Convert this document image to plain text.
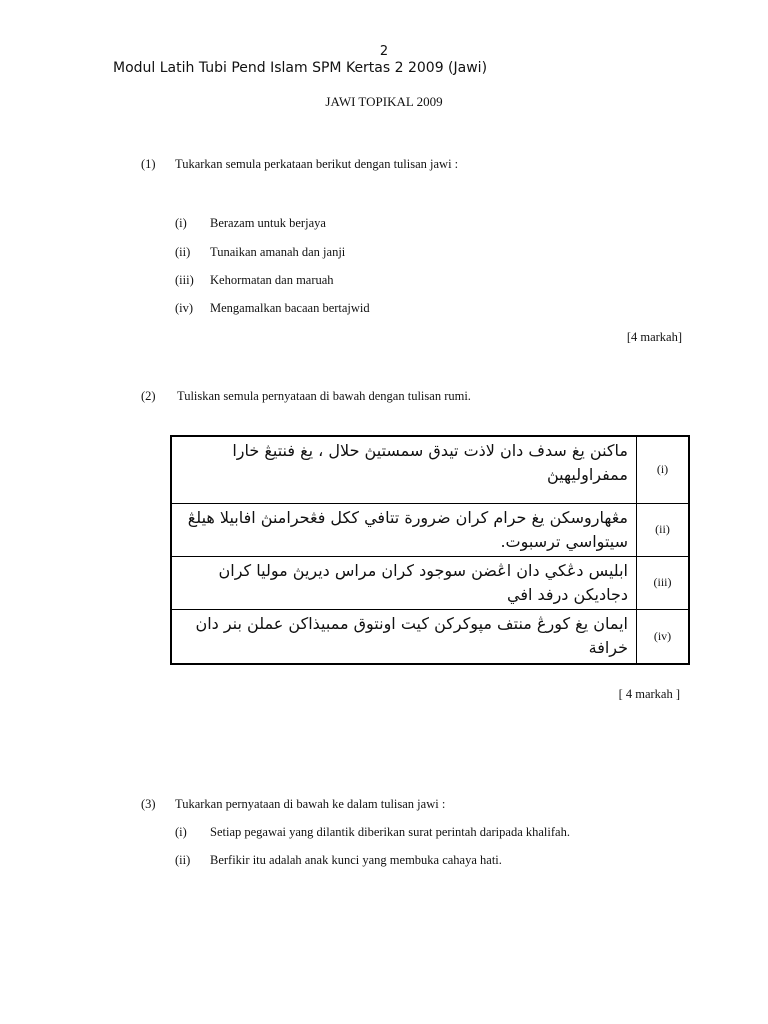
2
Modul Latih Tubi Pend Islam SPM Kertas 2 2009 (Jawi)
JAWI TOPIKAL 2009
(1) Tukarkan semula perkataan berikut dengan tulisan jawi :
(i) Berazam untuk berjaya
(ii) Tunaikan amanah dan janji
(iii) Kehormatan dan maruah
(iv) Mengamalkan bacaan bertajwid
[4 markah]
(2) Tuliskan semula pernyataan di bawah dengan tulisan rumi.
ماكنن يغ سدف دان لاذت تيدق سمستيڽ حلال ، يغ فنتيڠ خارا ممفراوليهيڽ	(i)
مڠهاروسكن يغ حرام كران ضرورة تتافي ككل فڠحرامنڽ افابيلا هيلڠ سيتواسي ترسبوت.	(ii)
ابليس دڠكي دان اڠضن سوجود كران مراس ديريڽ موليا كران دجاديكن درفد افي	(iii)
ايمان يغ كورڠ منتف مڽوكركن كيت اونتوق ممبيذاكن عملن بنر دان خرافة	(iv)
[ 4 markah ]
(3) Tukarkan pernyataan di bawah ke dalam tulisan jawi :
(i) Setiap pegawai yang dilantik diberikan surat perintah daripada khalifah.
(ii) Berfikir itu adalah anak kunci yang membuka cahaya hati.
